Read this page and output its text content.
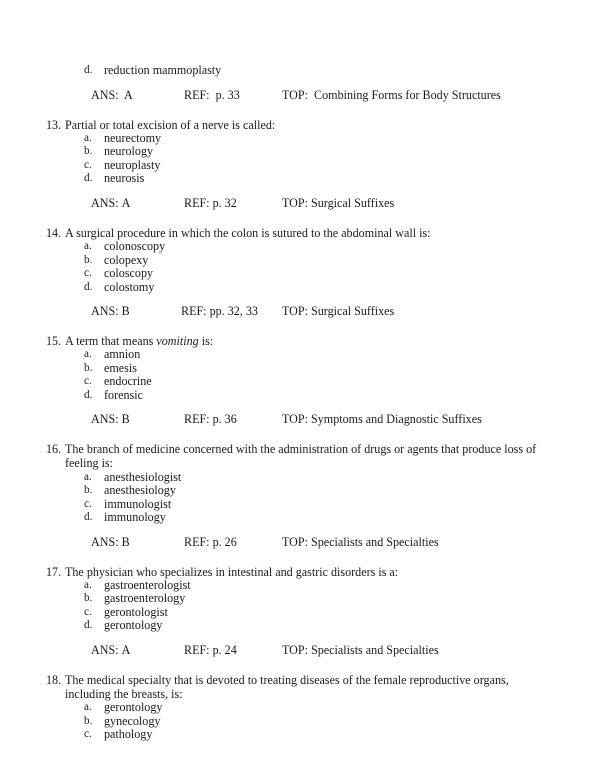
d. reduction mammoplasty
ANS: A	REF: p. 33	TOP: Combining Forms for Body Structures
13. Partial or total excision of a nerve is called:
a.	neurectomy
b. neurology
c.	neuroplasty
d. neurosis
ANS: A	REF: p. 32	TOP: Surgical Suffixes
14. A surgical procedure in which the colon is sutured to the abdominal wall is:
a.	colonoscopy
b. colopexy
c.	coloscopy
d. colostomy
ANS: B	REF: pp. 32, 33 TOP: Surgical Suffixes
15. A term that means vomiting is:
a.	amnion
b. emesis
c.	endocrine
d. forensic
ANS: B	REF: p. 36	TOP: Symptoms and Diagnostic Suffixes
16. The branch of medicine concerned with the administration of drugs or agents that produce loss of feeling is:
a.	anesthesiologist
b. anesthesiology
c.	immunologist
d. immunology
ANS: B	REF: p. 26	TOP: Specialists and Specialties
17. The physician who specializes in intestinal and gastric disorders is a:
a.	gastroenterologist
b. gastroenterology
c.	gerontologist
d. gerontology
ANS: A	REF: p. 24	TOP: Specialists and Specialties
18. The medical specialty that is devoted to treating diseases of the female reproductive organs, including the breasts, is:
a.	gerontology
b. gynecology
c.	pathology
